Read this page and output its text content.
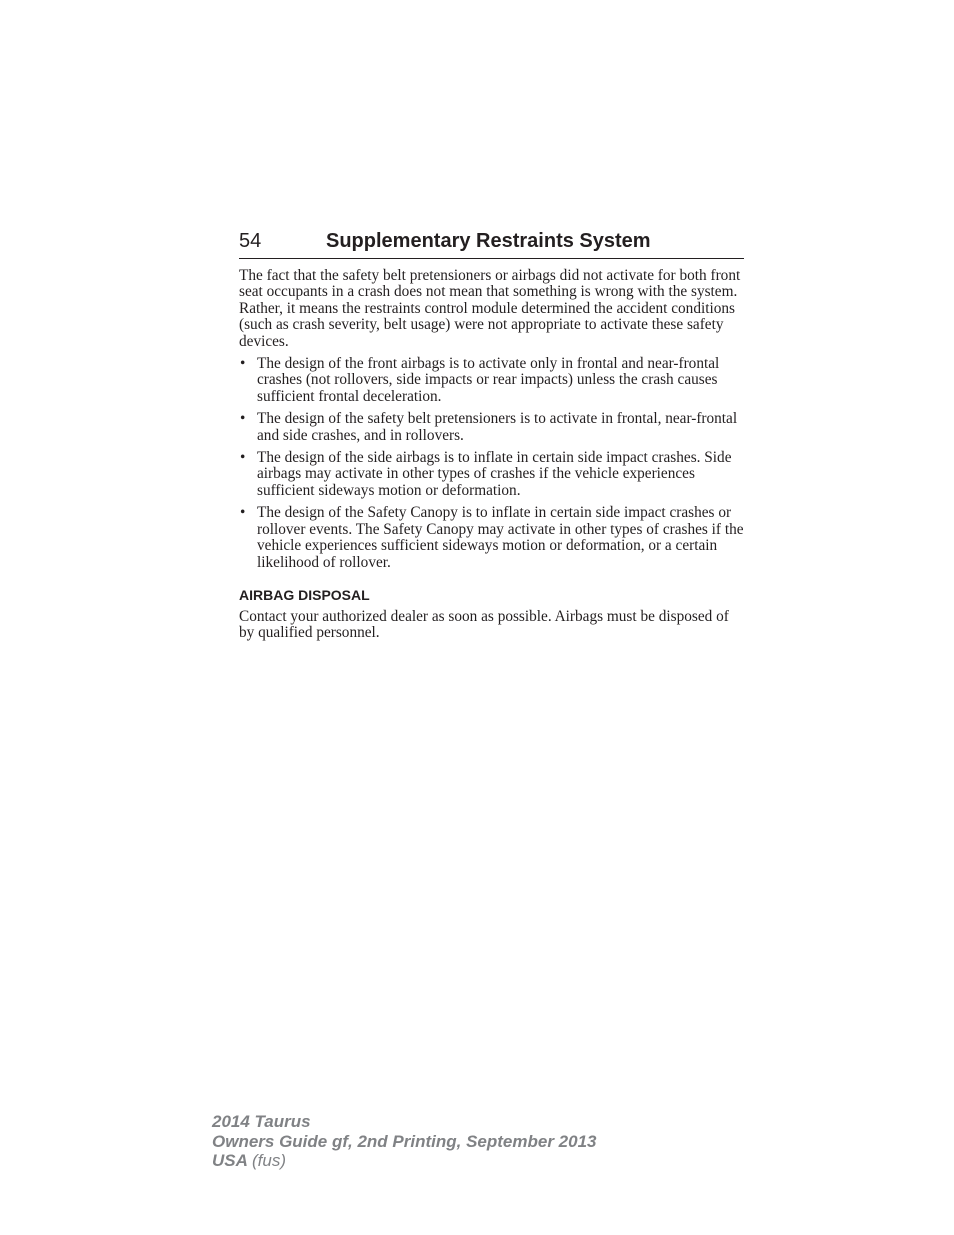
54	Supplementary Restraints System

The fact that the safety belt pretensioners or airbags did not activate for both front seat occupants in a crash does not mean that something is wrong with the system. Rather, it means the restraints control module determined the accident conditions (such as crash severity, belt usage) were not appropriate to activate these safety devices.

• The design of the front airbags is to activate only in frontal and near-frontal crashes (not rollovers, side impacts or rear impacts) unless the crash causes sufficient frontal deceleration.
• The design of the safety belt pretensioners is to activate in frontal, near-frontal and side crashes, and in rollovers.
• The design of the side airbags is to inflate in certain side impact crashes. Side airbags may activate in other types of crashes if the vehicle experiences sufficient sideways motion or deformation.
• The design of the Safety Canopy is to inflate in certain side impact crashes or rollover events. The Safety Canopy may activate in other types of crashes if the vehicle experiences sufficient sideways motion or deformation, or a certain likelihood of rollover.
AIRBAG DISPOSAL

Contact your authorized dealer as soon as possible. Airbags must be disposed of by qualified personnel.

2014 Taurus
Owners Guide gf, 2nd Printing, September 2013
USA (fus)
